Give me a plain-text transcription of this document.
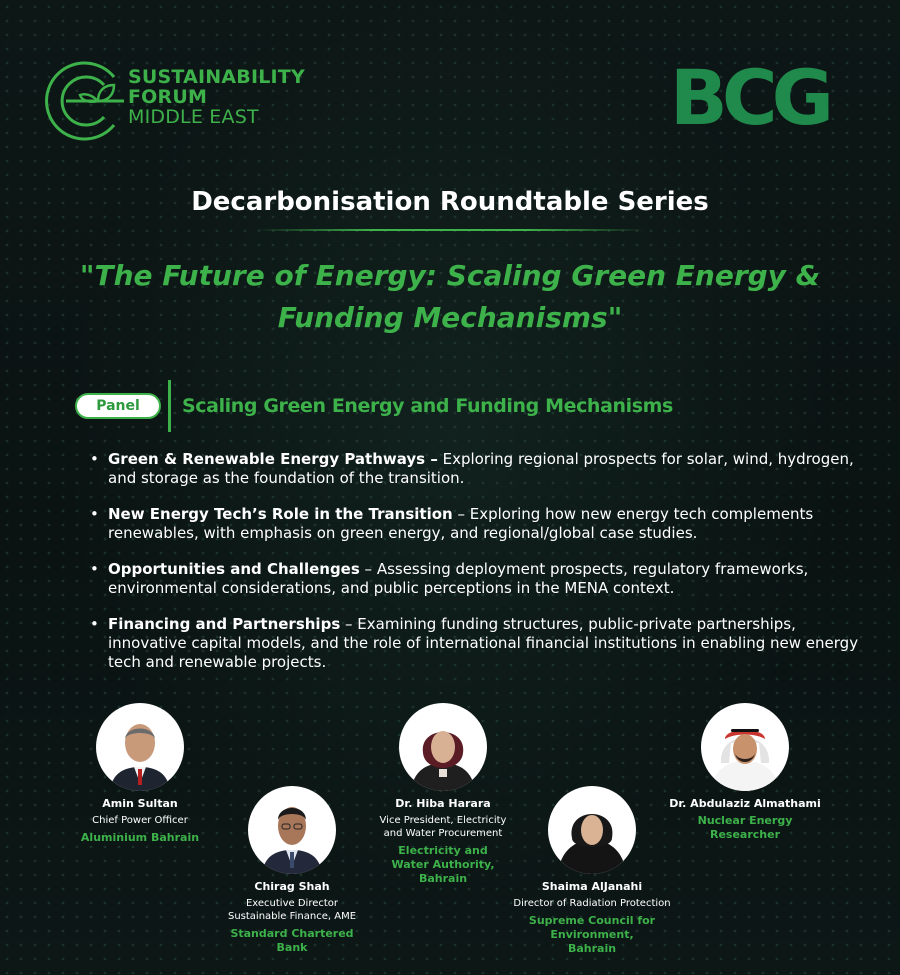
SUSTAINABILITY
FORUM
MIDDLE EAST	BCG
Decarbonisation Roundtable Series
"The Future of Energy: Scaling Green Energy & Funding Mechanisms"
Panel	Scaling Green Energy and Funding Mechanisms
• Green & Renewable Energy Pathways – Exploring regional prospects for solar, wind, hydrogen, and storage as the foundation of the transition.
• New Energy Tech’s Role in the Transition – Exploring how new energy tech complements renewables, with emphasis on green energy, and regional/global case studies.
• Opportunities and Challenges – Assessing deployment prospects, regulatory frameworks, environmental considerations, and public perceptions in the MENA context.
• Financing and Partnerships – Examining funding structures, public-private partnerships, innovative capital models, and the role of international financial institutions in enabling new energy tech and renewable projects.
Amin Sultan
Chief Power Officer
Aluminium Bahrain
Chirag Shah
Executive Director Sustainable Finance, AME
Standard Chartered Bank
Dr. Hiba Harara
Vice President, Electricity and Water Procurement
Electricity and Water Authority, Bahrain
Shaima AlJanahi
Director of Radiation Protection
Supreme Council for Environment, Bahrain
Dr. Abdulaziz Almathami
Nuclear Energy Researcher
